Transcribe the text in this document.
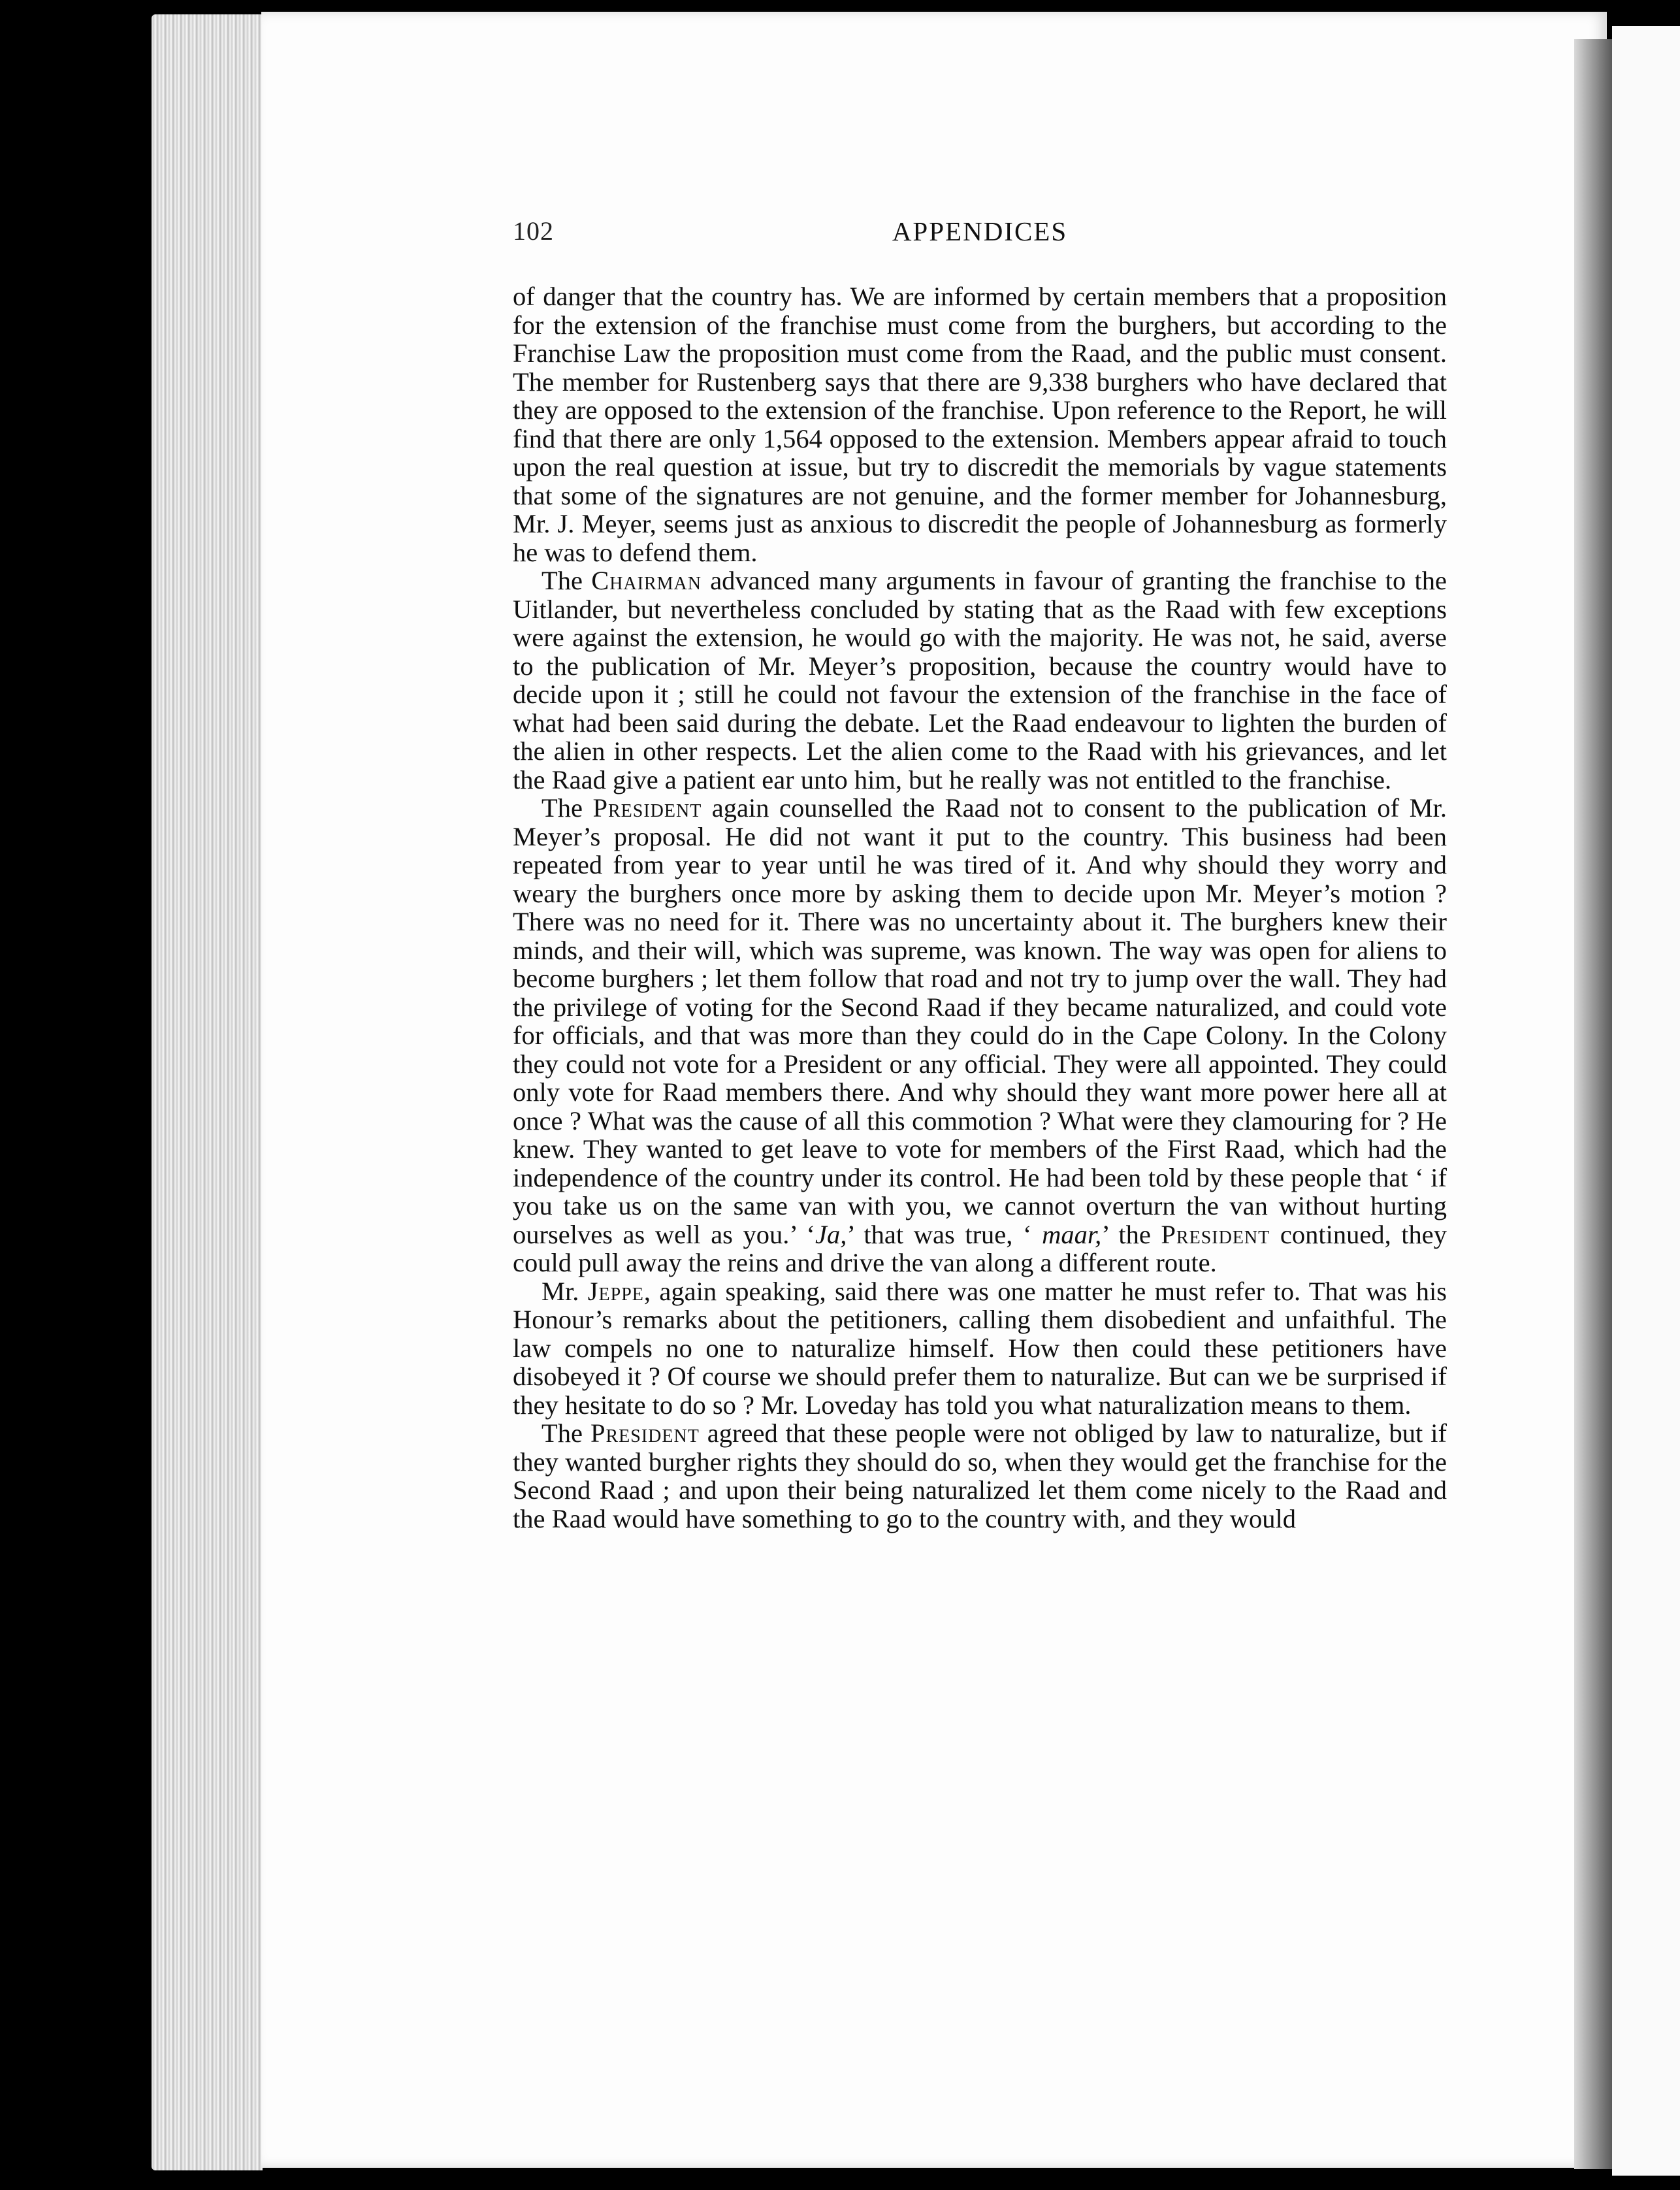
102	APPENDICES

of danger that the country has. We are informed by certain members that a proposition for the extension of the franchise must come from the burghers, but according to the Franchise Law the proposition must come from the Raad, and the public must consent. The member for Rustenberg says that there are 9,338 burghers who have declared that they are opposed to the extension of the franchise. Upon reference to the Report, he will find that there are only 1,564 opposed to the extension. Members appear afraid to touch upon the real question at issue, but try to discredit the memorials by vague statements that some of the signatures are not genuine, and the former member for Johannesburg, Mr. J. Meyer, seems just as anxious to discredit the people of Johannesburg as formerly he was to defend them.

The Chairman advanced many arguments in favour of granting the franchise to the Uitlander, but nevertheless concluded by stating that as the Raad with few exceptions were against the extension, he would go with the majority. He was not, he said, averse to the publication of Mr. Meyer’s proposition, because the country would have to decide upon it ; still he could not favour the extension of the franchise in the face of what had been said during the debate. Let the Raad endeavour to lighten the burden of the alien in other respects. Let the alien come to the Raad with his grievances, and let the Raad give a patient ear unto him, but he really was not entitled to the franchise.

The President again counselled the Raad not to consent to the publication of Mr. Meyer’s proposal. He did not want it put to the country. This business had been repeated from year to year until he was tired of it. And why should they worry and weary the burghers once more by asking them to decide upon Mr. Meyer’s motion ? There was no need for it. There was no uncertainty about it. The burghers knew their minds, and their will, which was supreme, was known. The way was open for aliens to become burghers ; let them follow that road and not try to jump over the wall. They had the privilege of voting for the Second Raad if they became naturalized, and could vote for officials, and that was more than they could do in the Cape Colony. In the Colony they could not vote for a President or any official. They were all appointed. They could only vote for Raad members there. And why should they want more power here all at once ? What was the cause of all this commotion ? What were they clamouring for ? He knew. They wanted to get leave to vote for members of the First Raad, which had the independence of the country under its control. He had been told by these people that ‘ if you take us on the same van with you, we cannot overturn the van without hurting ourselves as well as you.’ ‘Ja,’ that was true, ‘ maar,’ the President continued, they could pull away the reins and drive the van along a different route.

Mr. Jeppe, again speaking, said there was one matter he must refer to. That was his Honour’s remarks about the petitioners, calling them disobedient and unfaithful. The law compels no one to naturalize himself. How then could these petitioners have disobeyed it ? Of course we should prefer them to naturalize. But can we be surprised if they hesitate to do so ? Mr. Loveday has told you what naturalization means to them.

The President agreed that these people were not obliged by law to naturalize, but if they wanted burgher rights they should do so, when they would get the franchise for the Second Raad ; and upon their being naturalized let them come nicely to the Raad and the Raad would have something to go to the country with, and they would
